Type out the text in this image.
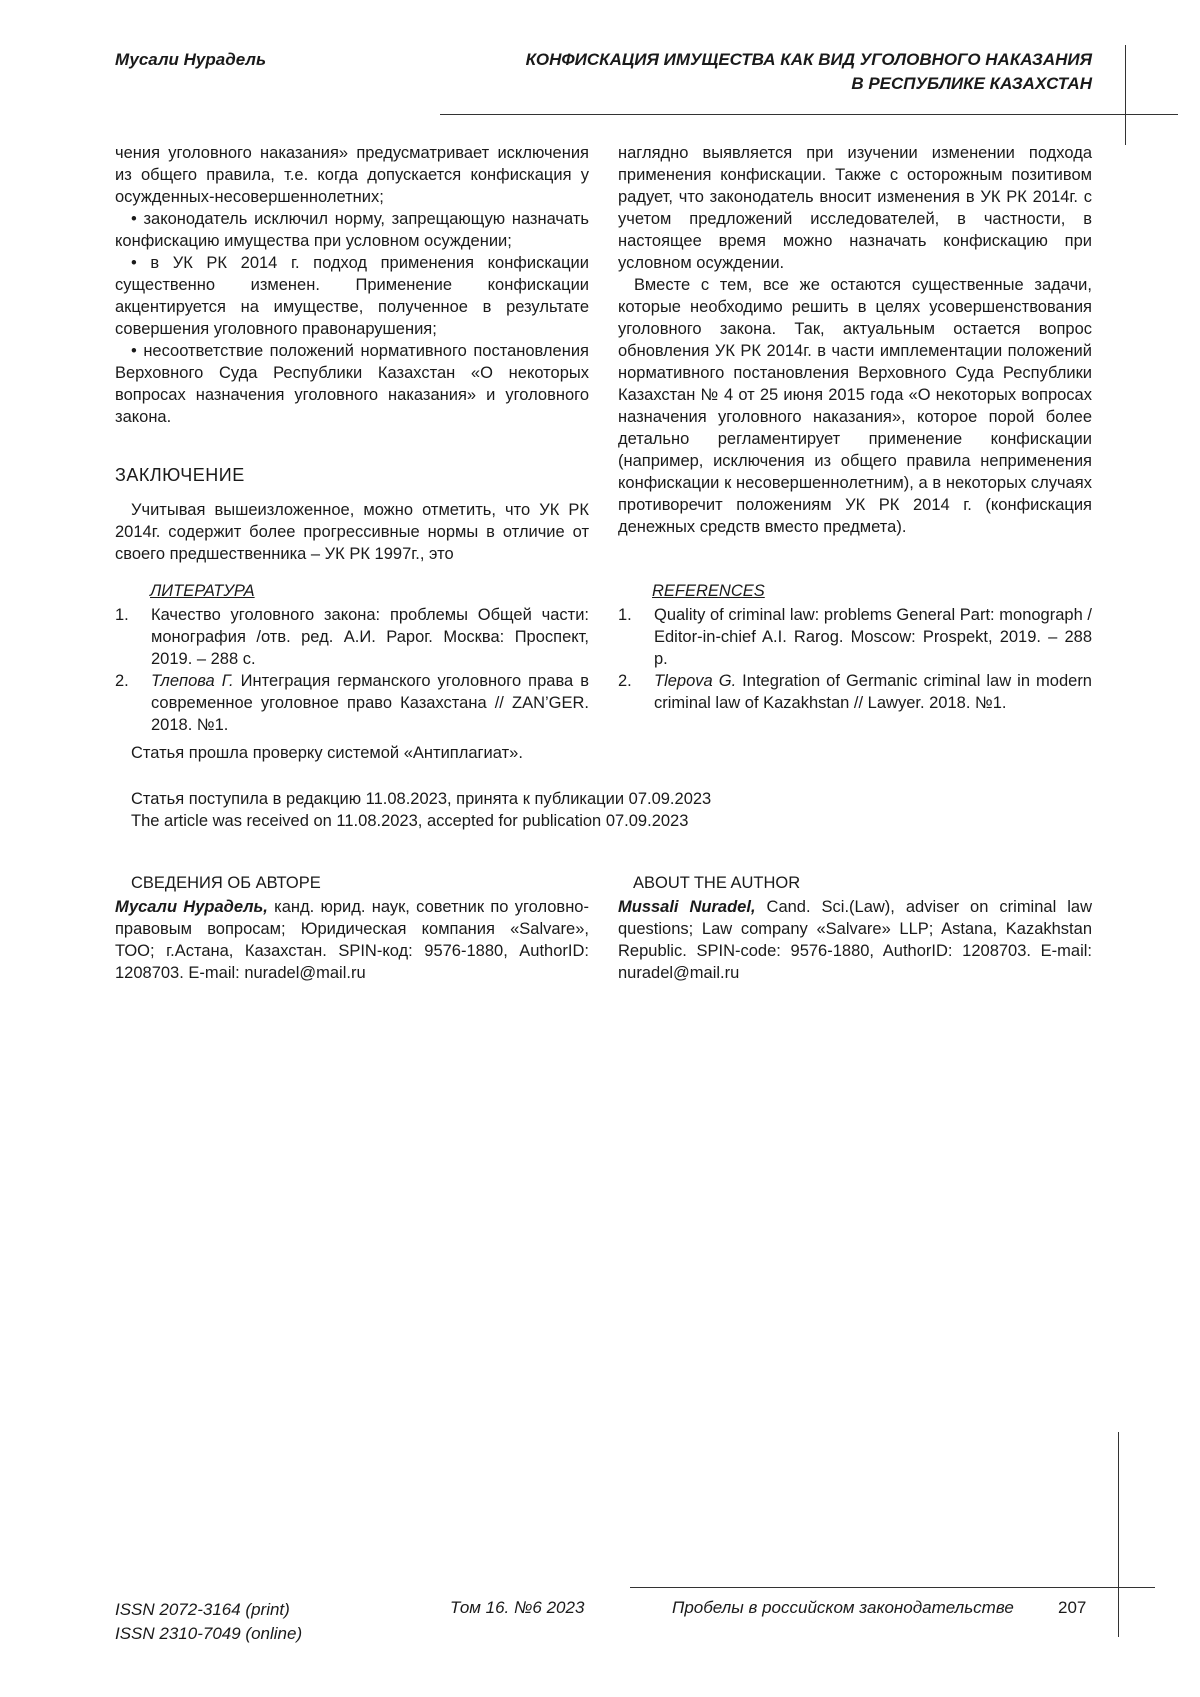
Мусали Нурадель	КОНФИСКАЦИЯ ИМУЩЕСТВА КАК ВИД УГОЛОВНОГО НАКАЗАНИЯ
В РЕСПУБЛИКЕ КАЗАХСТАН

чения уголовного наказания» предусматривает исключения из общего правила, т.е. когда допускается конфискация у осужденных-несовершеннолетних;

• законодатель исключил норму, запрещающую назначать конфискацию имущества при условном осуждении;

• в УК РК 2014 г. подход применения конфискации существенно изменен. Применение конфискации акцентируется на имуществе, полученное в результате совершения уголовного правонарушения;

• несоответствие положений нормативного постановления Верховного Суда Республики Казахстан «О некоторых вопросах назначения уголовного наказания» и уголовного закона.

ЗАКЛЮЧЕНИЕ

Учитывая вышеизложенное, можно отметить, что УК РК 2014г. содержит более прогрессивные нормы в отличие от своего предшественника – УК РК 1997г., это

наглядно выявляется при изучении изменении подхода применения конфискации. Также с осторожным позитивом радует, что законодатель вносит изменения в УК РК 2014г. с учетом предложений исследователей, в частности, в настоящее время можно назначать конфискацию при условном осуждении.

Вместе с тем, все же остаются существенные задачи, которые необходимо решить в целях усовершенствования уголовного закона. Так, актуальным остается вопрос обновления УК РК 2014г. в части имплементации положений нормативного постановления Верховного Суда Республики Казахстан № 4 от 25 июня 2015 года «О некоторых вопросах назначения уголовного наказания», которое порой более детально регламентирует применение конфискации (например, исключения из общего правила неприменения конфискации к несовершеннолетним), а в некоторых случаях противоречит положениям УК РК 2014 г. (конфискация денежных средств вместо предмета).

ЛИТЕРАТУРА
1. Качество уголовного закона: проблемы Общей части: монография /отв. ред. А.И. Рарог. Москва: Проспект, 2019. – 288 с.
2. Тлепова Г. Интеграция германского уголовного права в современное уголовное право Казахстана // ZAN’GER. 2018. №1.
REFERENCES
1. Quality of criminal law: problems General Part: monograph / Editor-in-chief A.I. Rarog. Moscow: Prospekt, 2019. – 288 p.
2. Tlepova G. Integration of Germanic criminal law in modern criminal law of Kazakhstan // Lawyer. 2018. №1.
Статья прошла проверку системой «Антиплагиат».
Статья поступила в редакцию 11.08.2023, принята к публикации 07.09.2023
The article was received on 11.08.2023, accepted for publication 07.09.2023
СВЕДЕНИЯ ОБ АВТОРЕ

Мусали Нурадель, канд. юрид. наук, советник по уголовно-правовым вопросам; Юридическая компания «Salvare», ТОО; г.Астана, Казахстан. SPIN-код: 9576-1880, AuthorID: 1208703. E-mail: nuradel@mail.ru

ABOUT THE AUTHOR

Mussali Nuradel, Cand. Sci.(Law), adviser on criminal law questions; Law company «Salvare» LLP; Astana, Kazakhstan Republic. SPIN-code: 9576-1880, AuthorID: 1208703. E-mail: nuradel@mail.ru

ISSN 2072-3164 (print)
ISSN 2310-7049 (online)
Том 16. №6 2023	Пробелы в российском законодательстве	207
